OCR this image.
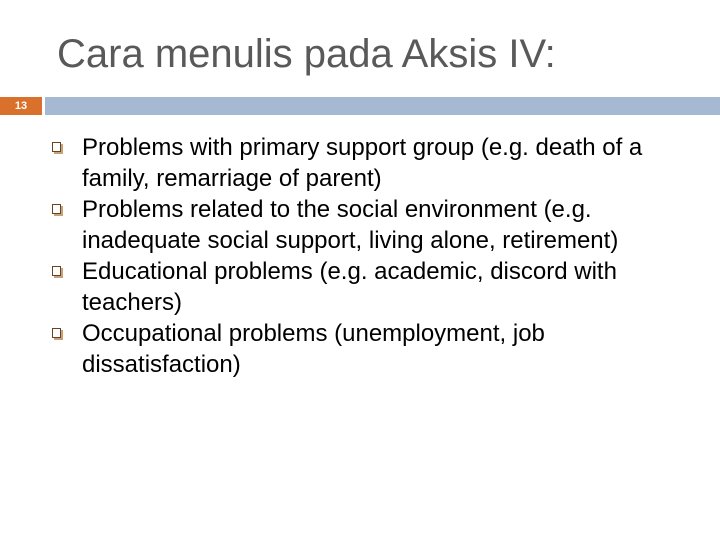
Cara menulis pada Aksis IV:
13
Problems with primary support group (e.g. death of a family, remarriage of parent)
Problems related to the social environment (e.g. inadequate social support, living alone, retirement)
Educational problems (e.g. academic, discord with teachers)
Occupational problems (unemployment, job dissatisfaction)
